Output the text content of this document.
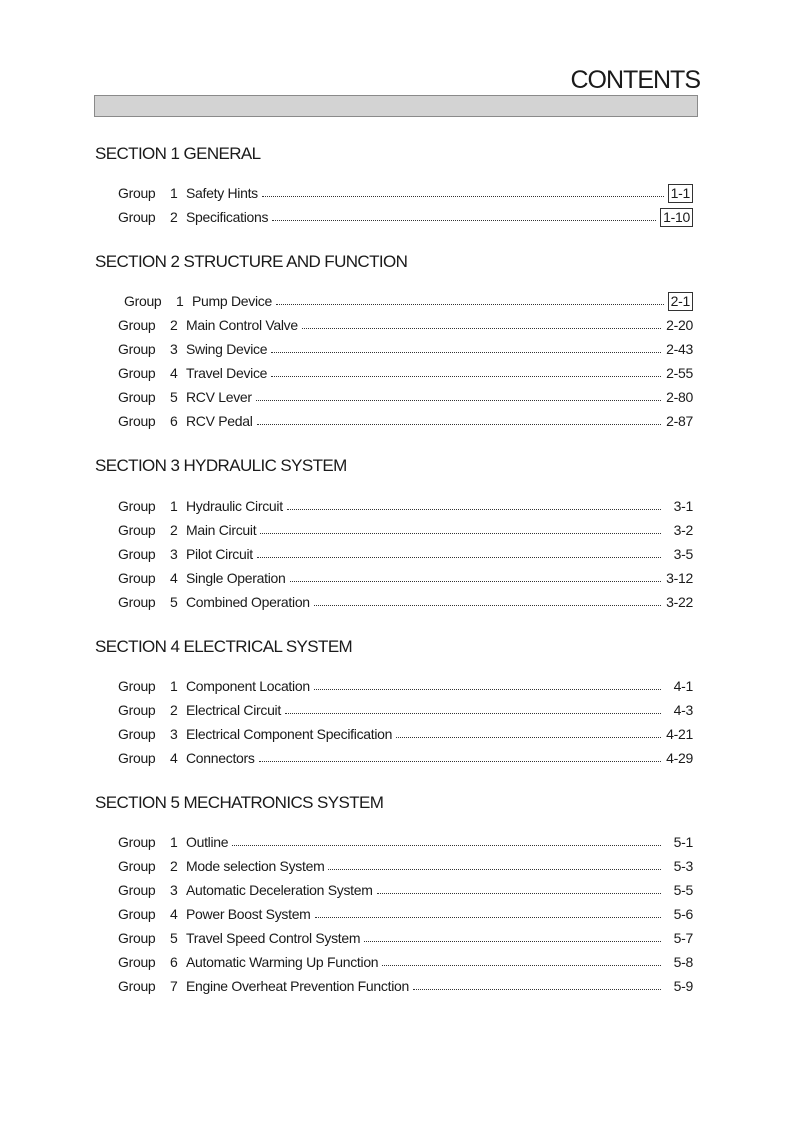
CONTENTS
SECTION 1 GENERAL
Group	1 Safety Hints	1-1
Group	2 Specifications	1-10
SECTION 2 STRUCTURE AND FUNCTION
Group	1 Pump Device	2-1
Group	2 Main Control Valve	2-20
Group	3 Swing Device	2-43
Group	4 Travel Device	2-55
Group	5 RCV Lever	2-80
Group	6 RCV Pedal	2-87
SECTION 3 HYDRAULIC SYSTEM
Group	1 Hydraulic Circuit	3-1
Group	2 Main Circuit	3-2
Group	3 Pilot Circuit	3-5
Group	4 Single Operation	3-12
Group	5 Combined Operation	3-22
SECTION 4 ELECTRICAL SYSTEM
Group	1 Component Location	4-1
Group	2 Electrical Circuit	4-3
Group	3 Electrical Component Specification	4-21
Group	4 Connectors	4-29
SECTION 5 MECHATRONICS SYSTEM
Group	1 Outline	5-1
Group	2 Mode selection System	5-3
Group	3 Automatic Deceleration System	5-5
Group	4 Power Boost System	5-6
Group	5 Travel Speed Control System	5-7
Group	6 Automatic Warming Up Function	5-8
Group	7 Engine Overheat Prevention Function	5-9
